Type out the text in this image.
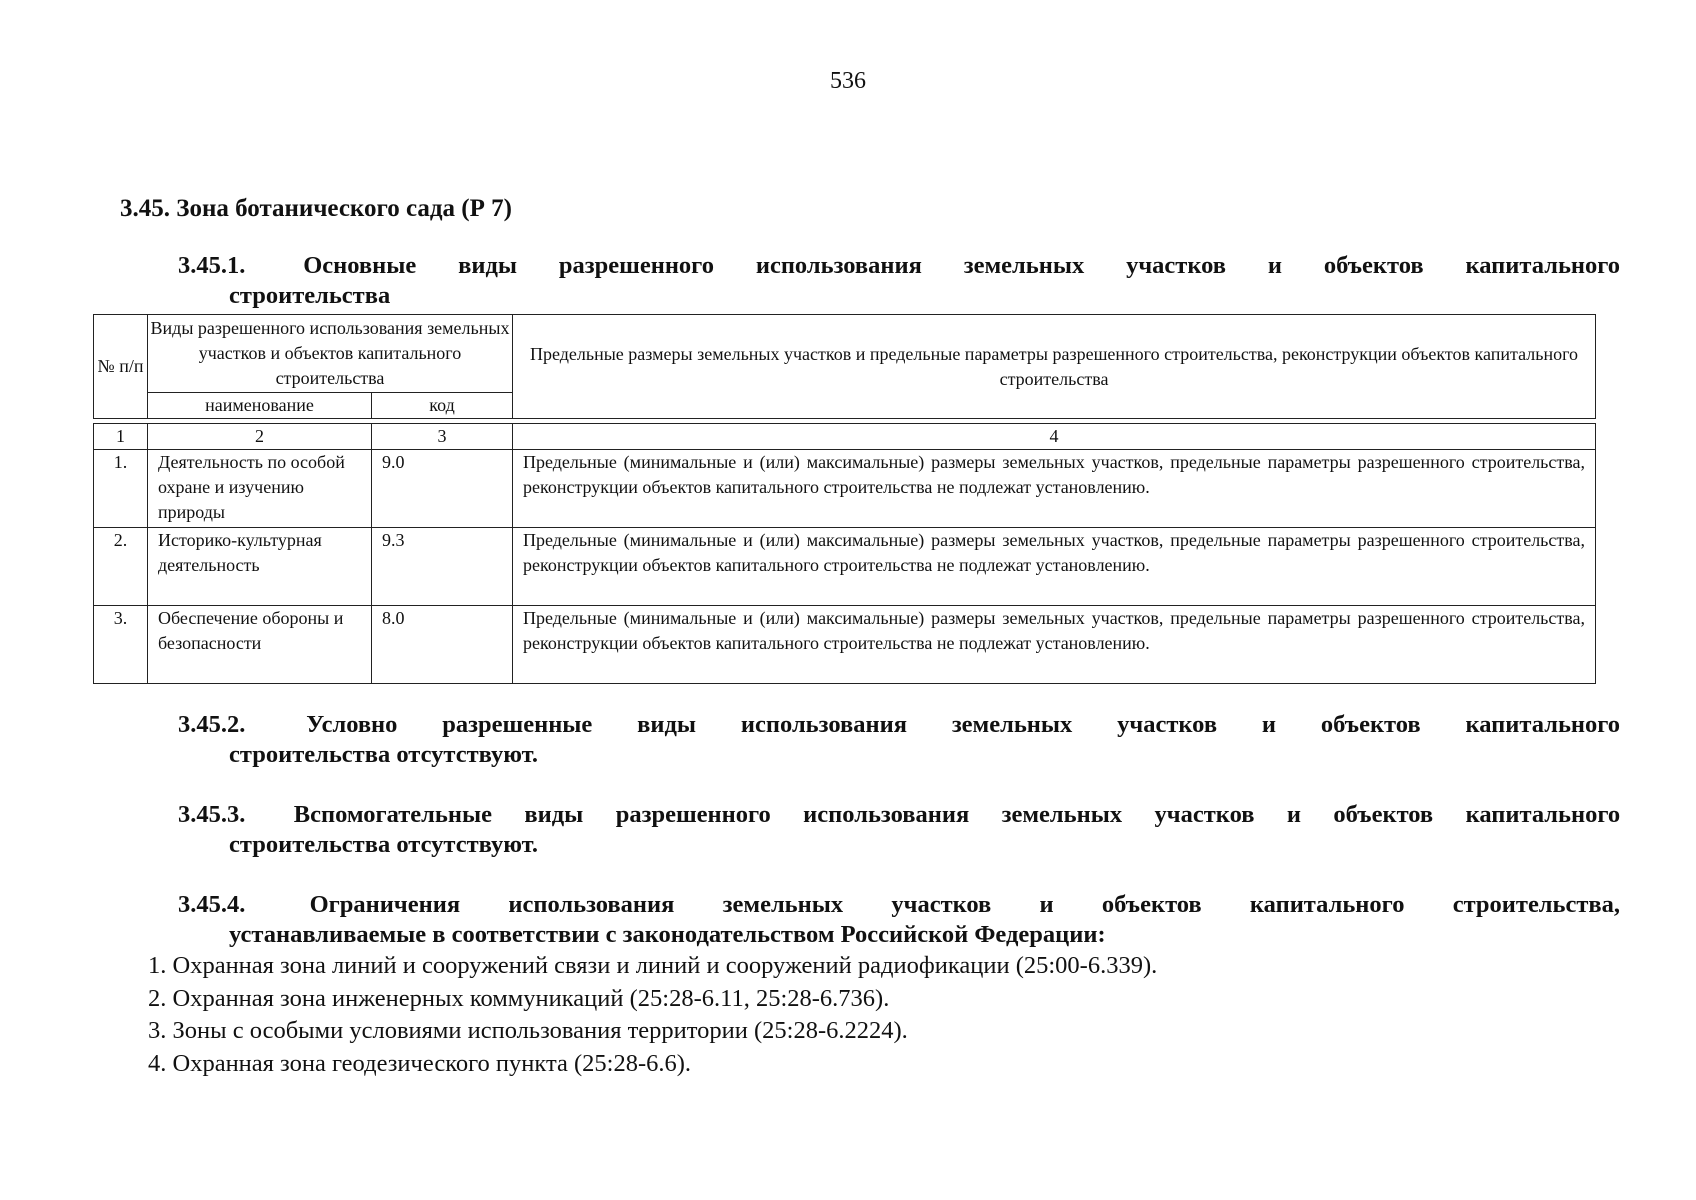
536
3.45. Зона ботанического сада (Р 7)
3.45.1. Основные виды разрешенного использования земельных участков и объектов капитального
строительства
№ п/п	Виды разрешенного использования земельных участков и объектов капитального строительства		Предельные размеры земельных участков и предельные параметры разрешенного строительства, реконструкции объектов капитального строительства
	наименование	код	
1	2	3	4
1.	Деятельность по особой охране и изучению природы	9.0	Предельные (минимальные и (или) максимальные) размеры земельных участков, предельные параметры разрешенного строительства, реконструкции объектов капитального строительства не подлежат установлению.
2.	Историко-культурная деятельность	9.3	Предельные (минимальные и (или) максимальные) размеры земельных участков, предельные параметры разрешенного строительства, реконструкции объектов капитального строительства не подлежат установлению.
3.	Обеспечение обороны и безопасности	8.0	Предельные (минимальные и (или) максимальные) размеры земельных участков, предельные параметры разрешенного строительства, реконструкции объектов капитального строительства не подлежат установлению.
3.45.2. Условно разрешенные виды использования земельных участков и объектов капитального
строительства отсутствуют.
3.45.3. Вспомогательные виды разрешенного использования земельных участков и объектов капитального
строительства отсутствуют.
3.45.4.	Ограничения использования земельных участков и объектов капитального строительства,
устанавливаемые в соответствии с законодательством Российской Федерации:
1. Охранная зона линий и сооружений связи и линий и сооружений радиофикации (25:00-6.339).
2. Охранная зона инженерных коммуникаций (25:28-6.11, 25:28-6.736).
3. Зоны с особыми условиями использования территории (25:28-6.2224).
4. Охранная зона геодезического пункта (25:28-6.6).
